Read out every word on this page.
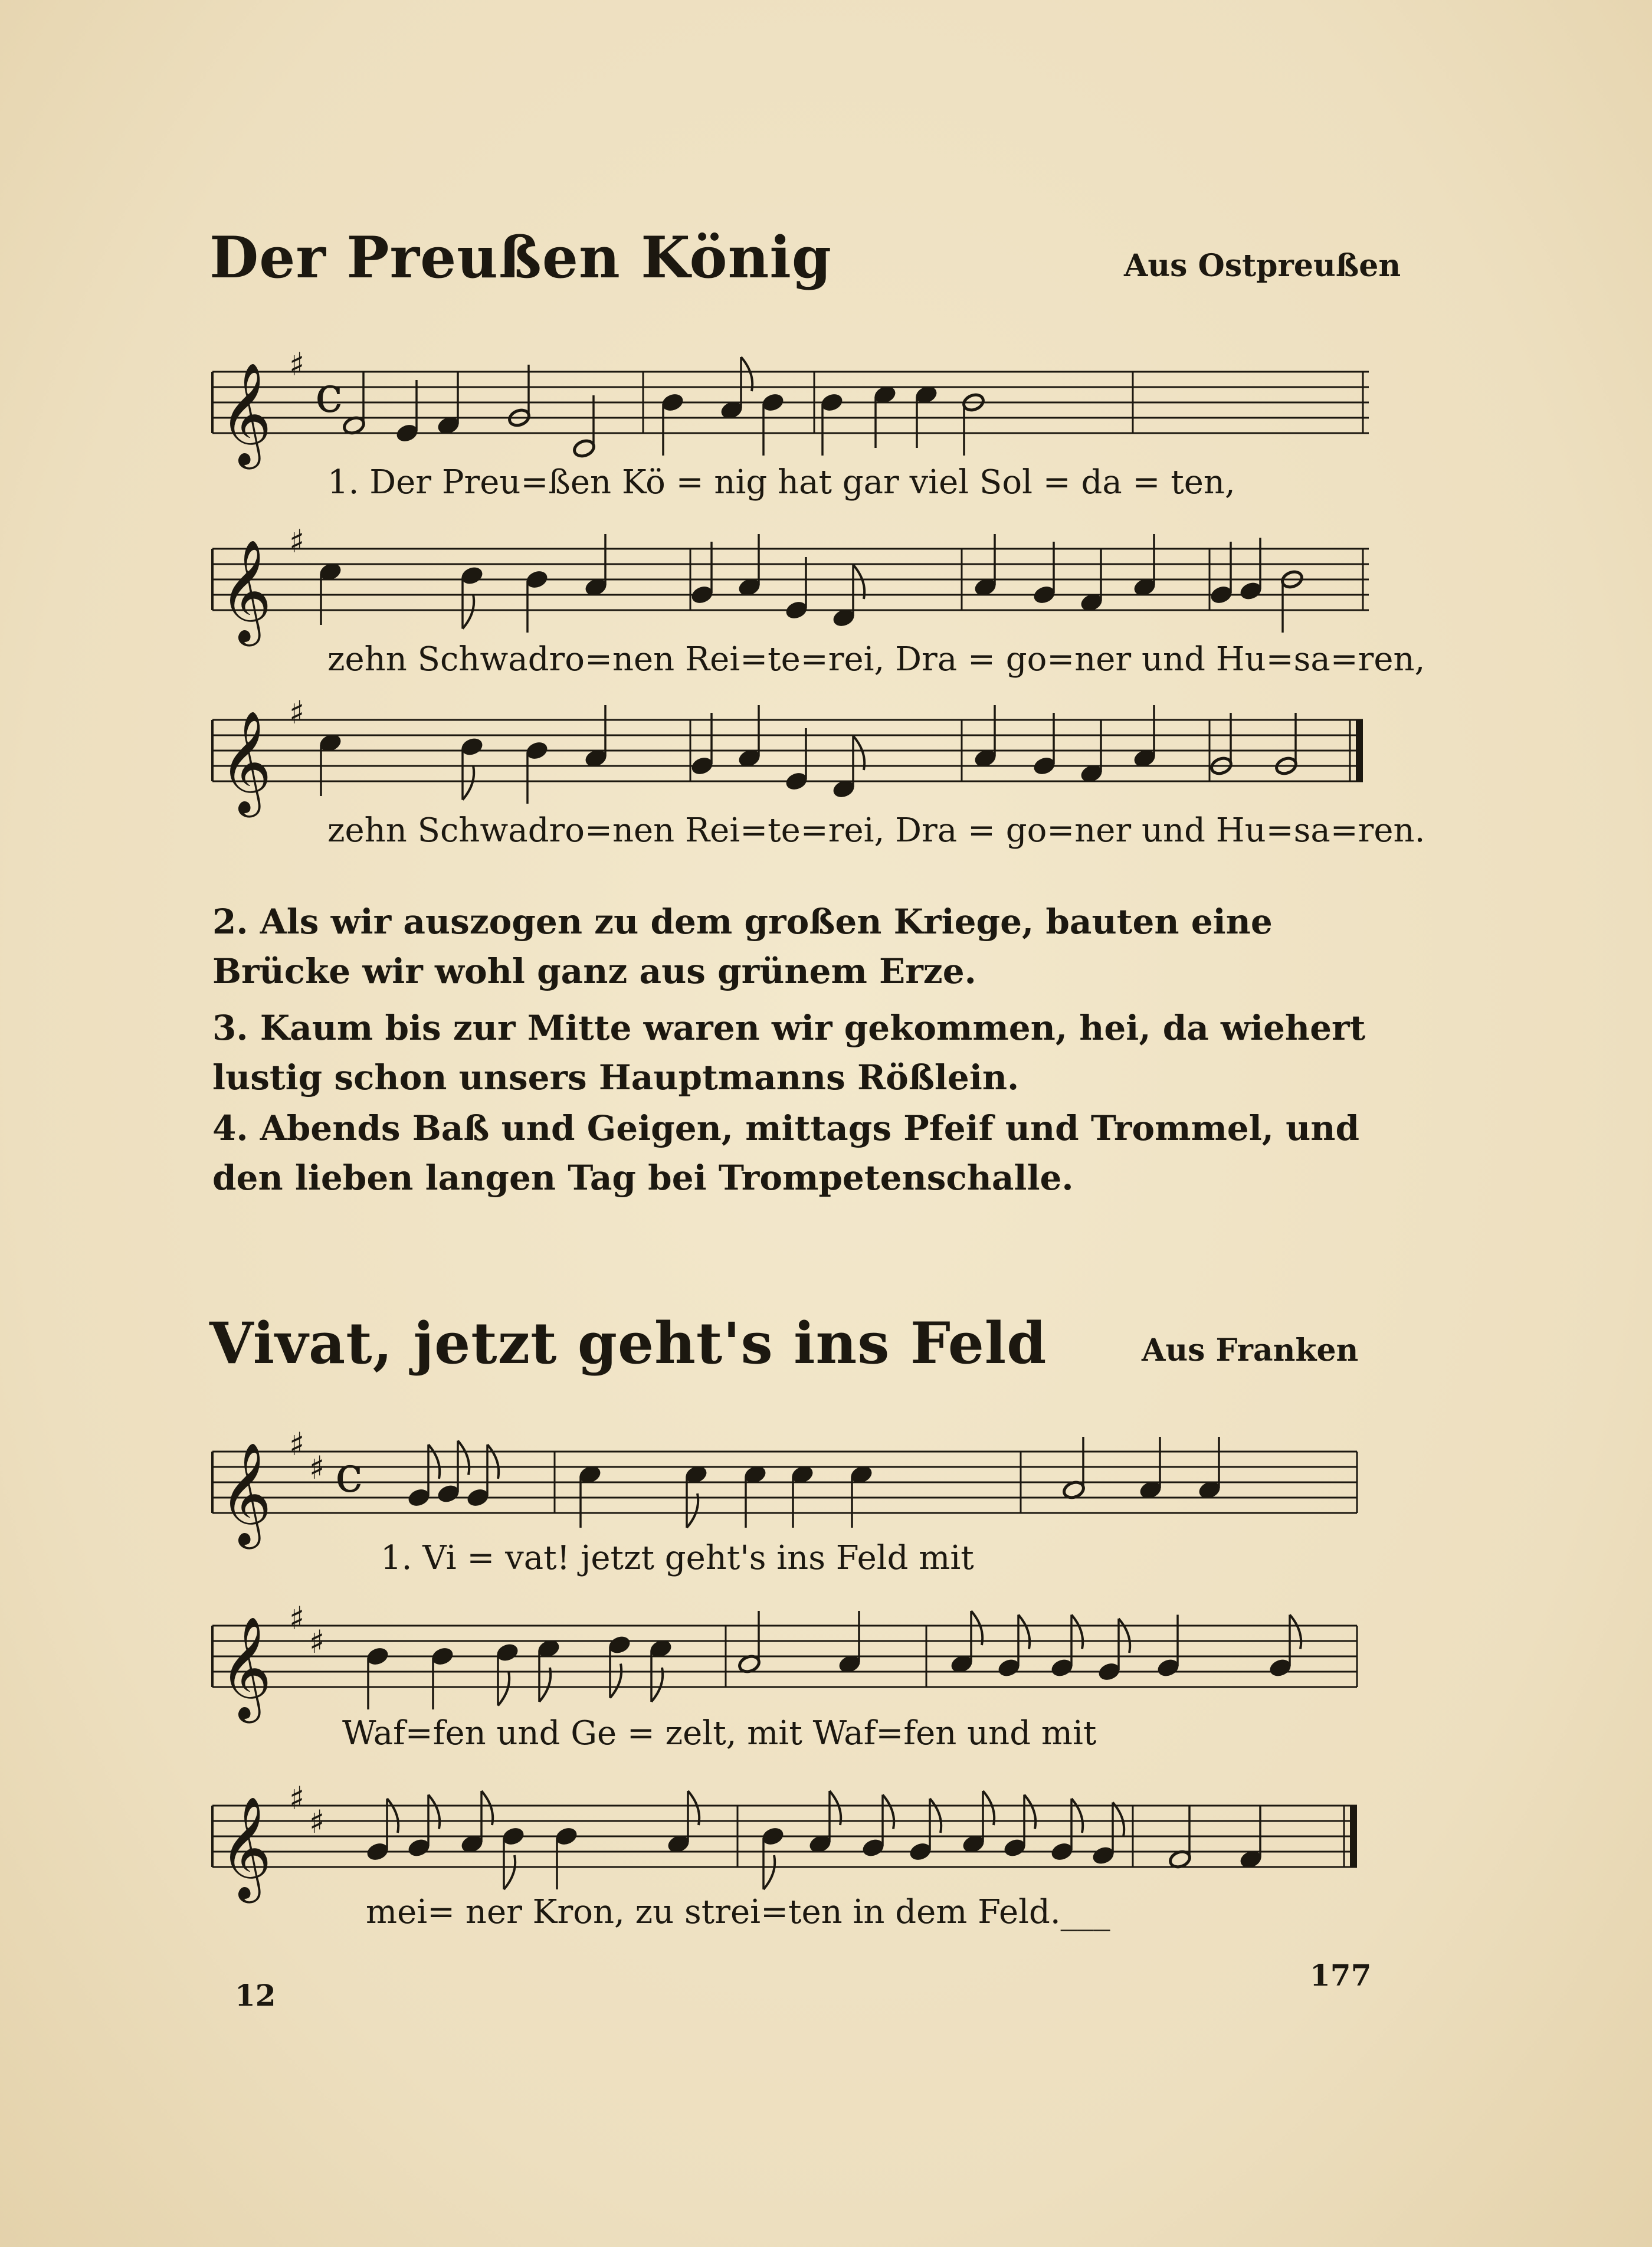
Der Preußen König	Aus Ostpreußen
𝄞 ♯
c
1. Der Preu=ßen Kö = nig hat gar viel Sol = da = ten,
𝄞 ♯
zehn Schwadro=nen Rei=te=rei, Dra = go=ner und Hu=sa=ren,
𝄞 ♯
zehn Schwadro=nen Rei=te=rei, Dra = go=ner und Hu=sa=ren.
2. Als wir auszogen zu dem großen Kriege, bauten eine Brücke wir wohl ganz aus grünem Erze.
3. Kaum bis zur Mitte waren wir gekommen, hei, da wiehert lustig schon unsers Hauptmanns Rößlein.
4. Abends Baß und Geigen, mittags Pfeif und Trommel, und den lieben langen Tag bei Trompetenschalle.
Vivat, jetzt geht's ins Feld	Aus Franken
𝄞 ♯
♯ c
1. Vi = vat! jetzt geht's ins Feld mit
𝄞 ♯
♯
Waf=fen und Ge = zelt, mit Waf=fen und mit
𝄞 ♯
♯
mei= ner Kron, zu strei=ten in dem Feld.___
12
177
